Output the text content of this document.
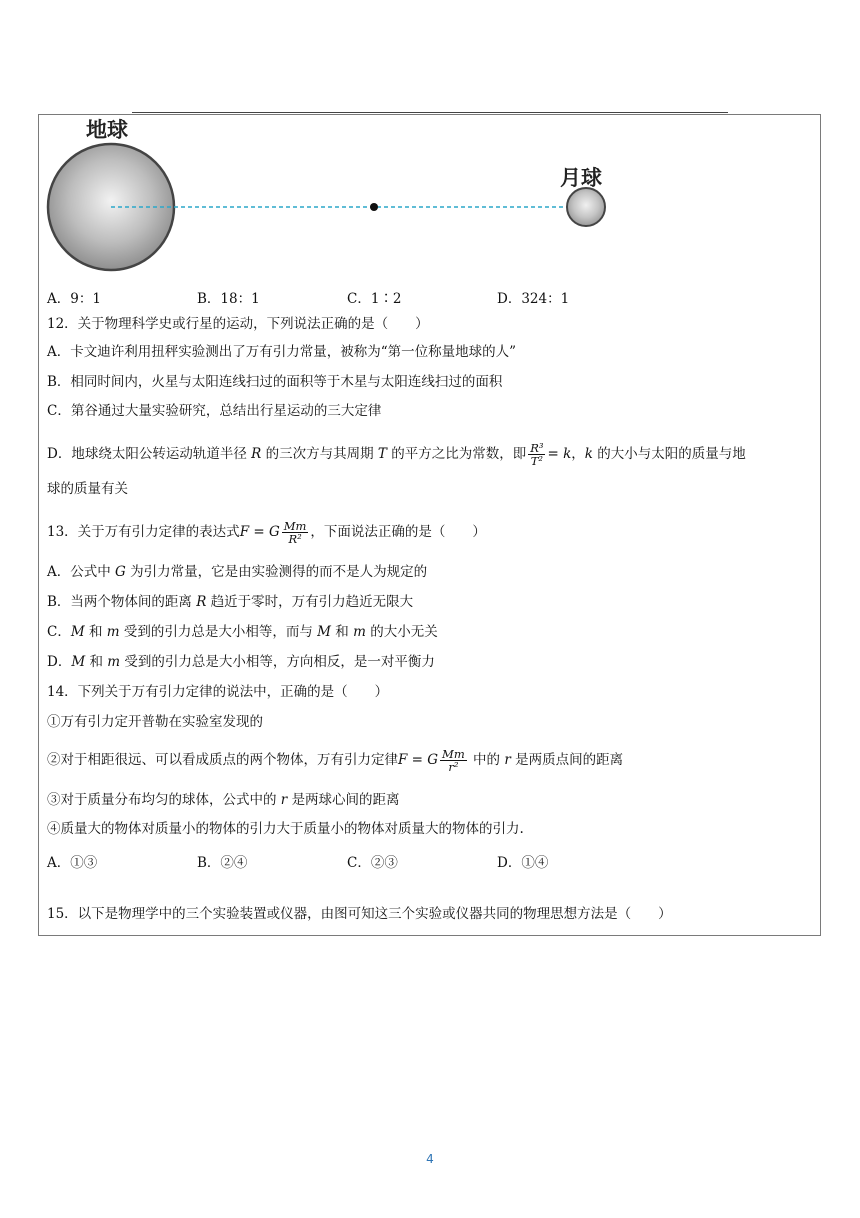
地球
月球
A．9：1	B．18：1	C．1∶2	D．324：1
12．关于物理科学史或行星的运动，下列说法正确的是（　　）
A．卡文迪许利用扭秤实验测出了万有引力常量，被称为“第一位称量地球的人”
B．相同时间内，火星与太阳连线扫过的面积等于木星与太阳连线扫过的面积
C．第谷通过大量实验研究，总结出行星运动的三大定律
D．地球绕太阳公转运动轨道半径 R 的三次方与其周期 T 的平方之比为常数，即 $\frac{\text{R³}}{\text{T²}} = k$，k 的大小与太阳的质量与地
球的质量有关
13．关于万有引力定律的表达式F = G $\frac{Mm}{\text{R²}}$ ，下面说法正确的是（　　）
A．公式中 G 为引力常量，它是由实验测得的而不是人为规定的
B．当两个物体间的距离 R 趋近于零时，万有引力趋近无限大
C．M 和 m 受到的引力总是大小相等，而与 M 和 m 的大小无关
D．M 和 m 受到的引力总是大小相等，方向相反，是一对平衡力
14．下列关于万有引力定律的说法中，正确的是（　　）
①万有引力定开普勒在实验室发现的
②对于相距很远、可以看成质点的两个物体，万有引力定律F = G $\frac{Mm}{\text{r²}}$ 中的 r 是两质点间的距离
③对于质量分布均匀的球体，公式中的 r 是两球心间的距离
④质量大的物体对质量小的物体的引力大于质量小的物体对质量大的物体的引力.
A．①③	B．②④	C．②③	D．①④
15．以下是物理学中的三个实验装置或仪器，由图可知这三个实验或仪器共同的物理思想方法是（　　）
4
